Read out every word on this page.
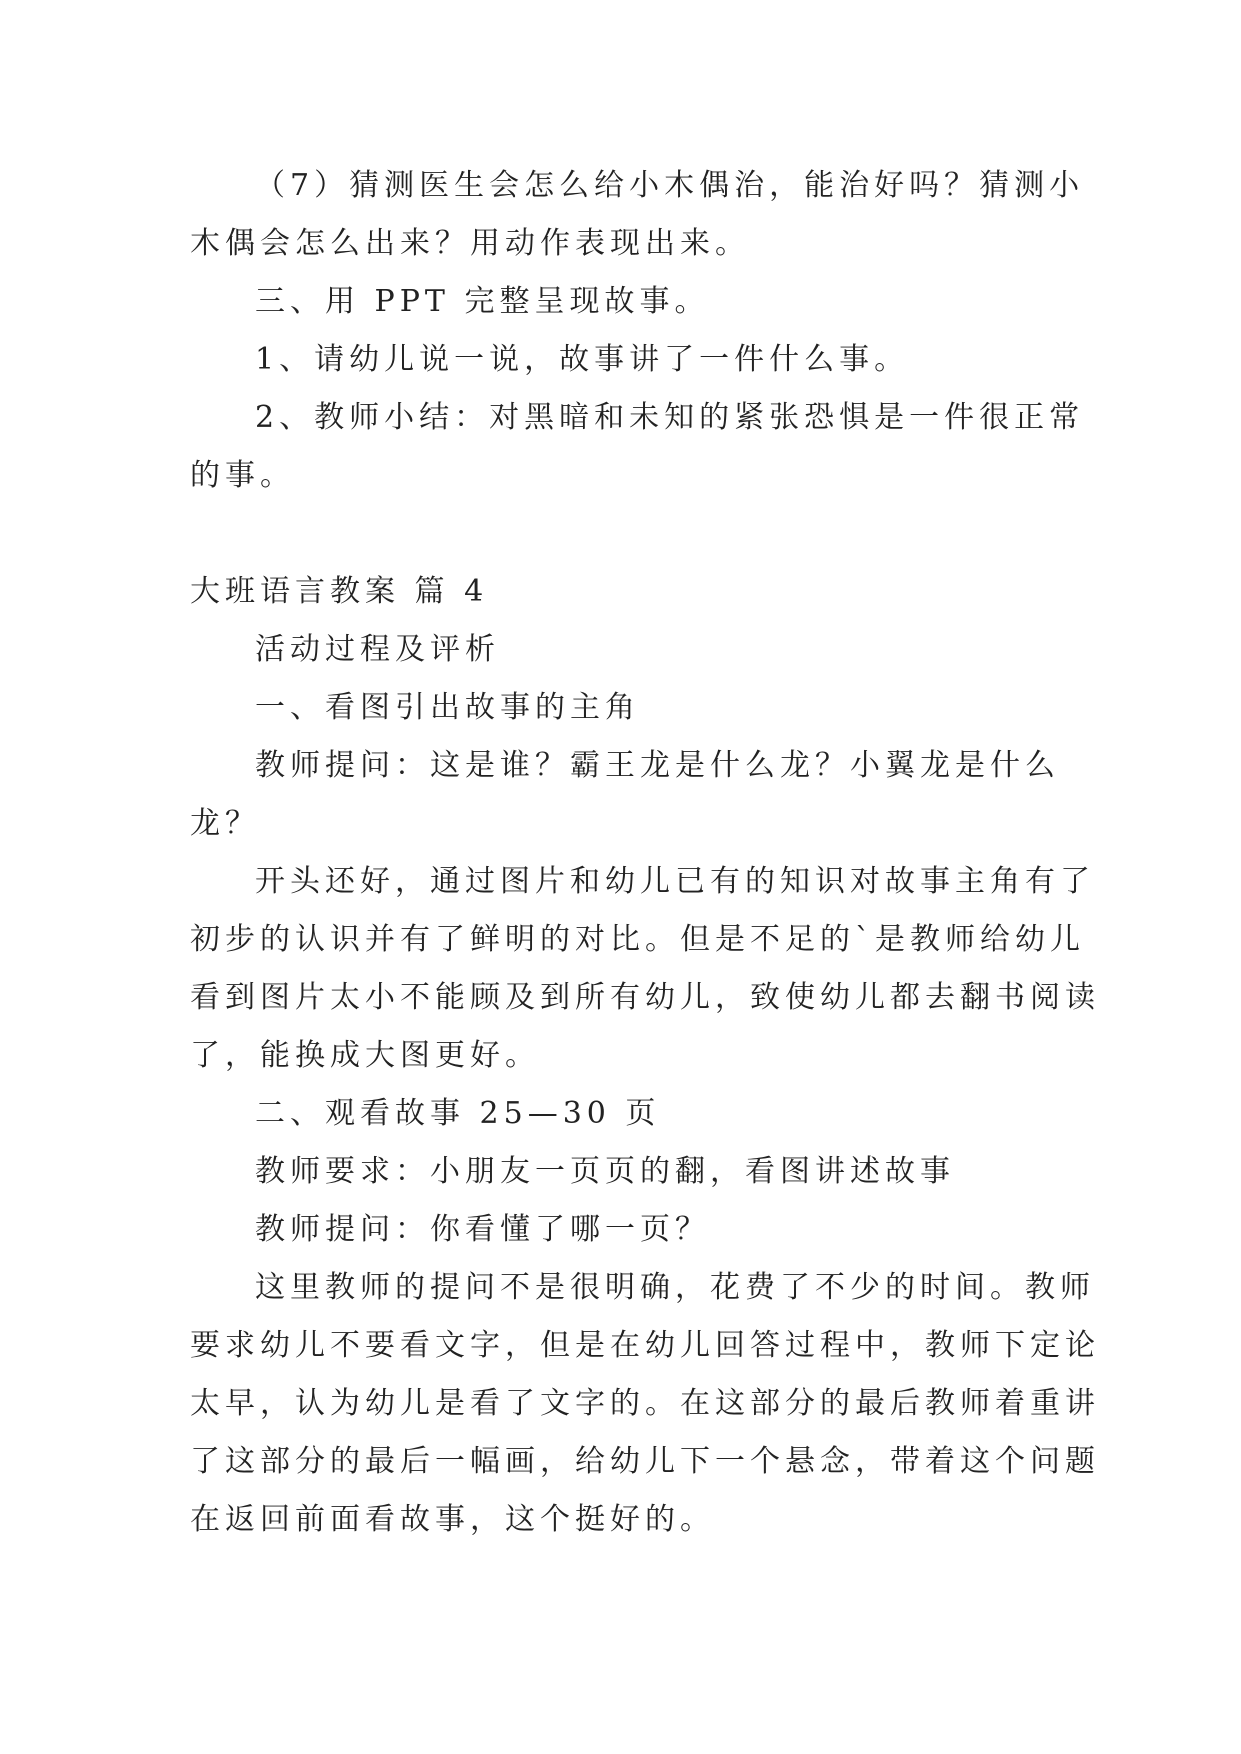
（7）猜测医生会怎么给小木偶治，能治好吗？猜测小
木偶会怎么出来？用动作表现出来。
三、用 PPT 完整呈现故事。
1、请幼儿说一说，故事讲了一件什么事。
2、教师小结：对黑暗和未知的紧张恐惧是一件很正常
的事。
大班语言教案 篇 4
活动过程及评析
一、看图引出故事的主角
教师提问：这是谁？霸王龙是什么龙？小翼龙是什么
龙？
开头还好，通过图片和幼儿已有的知识对故事主角有了
初步的认识并有了鲜明的对比。但是不足的`是教师给幼儿
看到图片太小不能顾及到所有幼儿，致使幼儿都去翻书阅读
了，能换成大图更好。
二、观看故事 25—30 页
教师要求：小朋友一页页的翻，看图讲述故事
教师提问：你看懂了哪一页？
这里教师的提问不是很明确，花费了不少的时间。教师
要求幼儿不要看文字，但是在幼儿回答过程中，教师下定论
太早，认为幼儿是看了文字的。在这部分的最后教师着重讲
了这部分的最后一幅画，给幼儿下一个悬念，带着这个问题
在返回前面看故事，这个挺好的。
